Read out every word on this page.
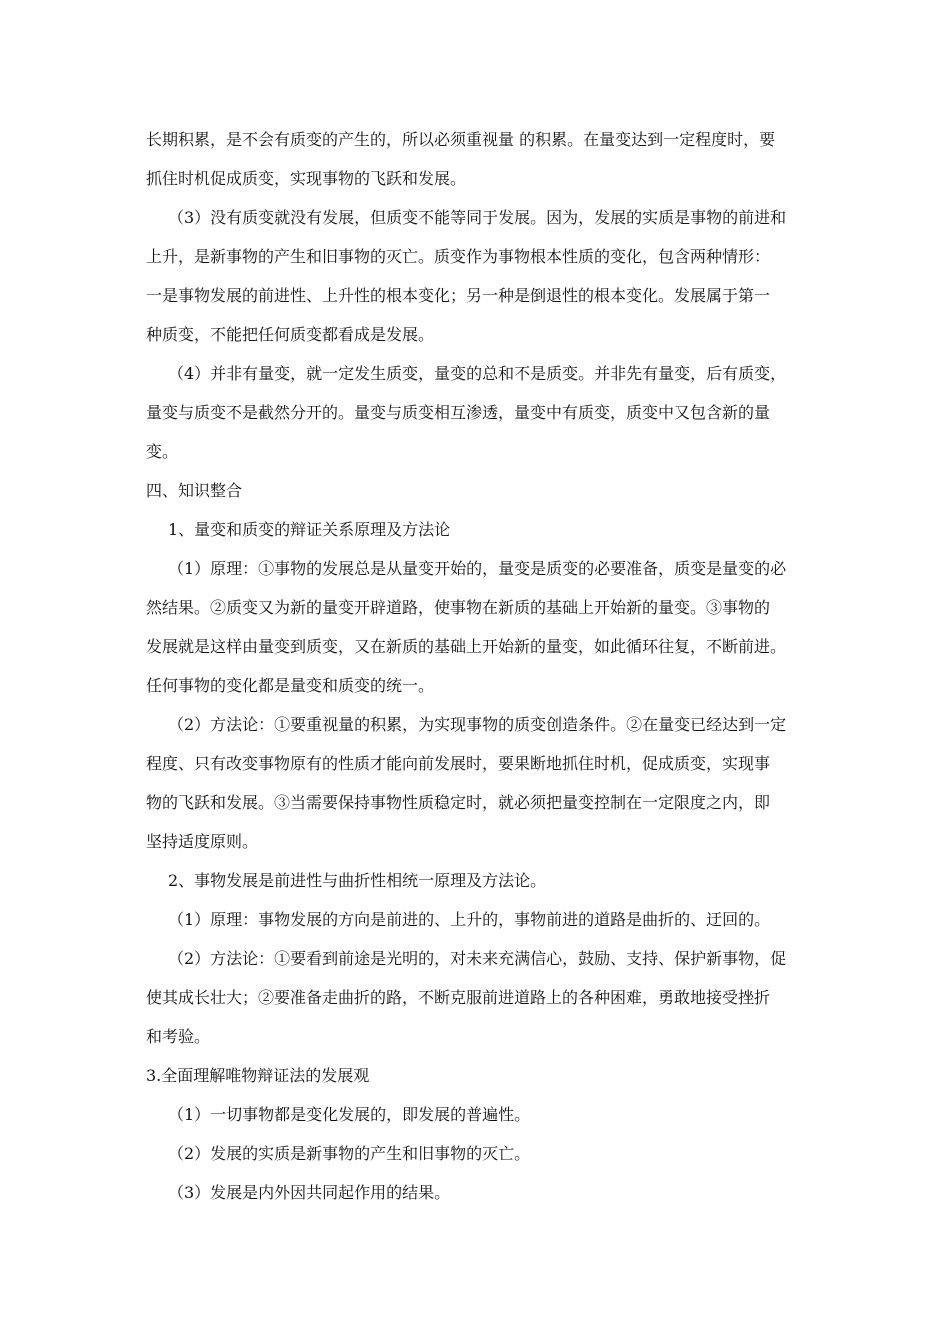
长期积累，是不会有质变的产生的，所以必须重视量 的积累。在量变达到一定程度时，要
抓住时机促成质变，实现事物的飞跃和发展。
（3）没有质变就没有发展，但质变不能等同于发展。因为，发展的实质是事物的前进和
上升，是新事物的产生和旧事物的灭亡。质变作为事物根本性质的变化，包含两种情形：
一是事物发展的前进性、上升性的根本变化；另一种是倒退性的根本变化。发展属于第一
种质变，不能把任何质变都看成是发展。
（4）并非有量变，就一定发生质变，量变的总和不是质变。并非先有量变，后有质变，
量变与质变不是截然分开的。量变与质变相互渗透，量变中有质变，质变中又包含新的量
变。
四、知识整合
1、量变和质变的辩证关系原理及方法论
（1）原理：①事物的发展总是从量变开始的，量变是质变的必要准备，质变是量变的必
然结果。②质变又为新的量变开辟道路，使事物在新质的基础上开始新的量变。③事物的
发展就是这样由量变到质变，又在新质的基础上开始新的量变，如此循环往复，不断前进。
任何事物的变化都是量变和质变的统一。
（2）方法论：①要重视量的积累，为实现事物的质变创造条件。②在量变已经达到一定
程度、只有改变事物原有的性质才能向前发展时，要果断地抓住时机，促成质变，实现事
物的飞跃和发展。③当需要保持事物性质稳定时，就必须把量变控制在一定限度之内，即
坚持适度原则。
2、事物发展是前进性与曲折性相统一原理及方法论。
（1）原理：事物发展的方向是前进的、上升的，事物前进的道路是曲折的、迂回的。
（2）方法论：①要看到前途是光明的，对未来充满信心，鼓励、支持、保护新事物，促
使其成长壮大；②要准备走曲折的路，不断克服前进道路上的各种困难，勇敢地接受挫折
和考验。
3.全面理解唯物辩证法的发展观
（1）一切事物都是变化发展的，即发展的普遍性。
（2）发展的实质是新事物的产生和旧事物的灭亡。
（3）发展是内外因共同起作用的结果。
